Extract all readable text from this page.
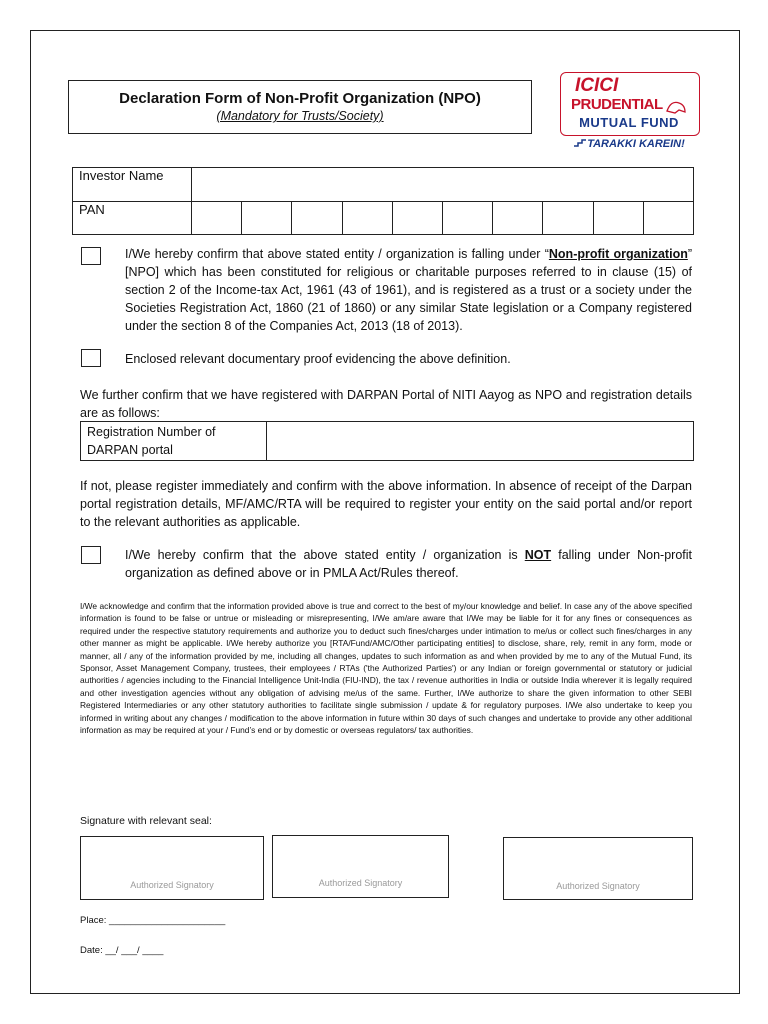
Declaration Form of Non-Profit Organization (NPO)
(Mandatory for Trusts/Society)
ICICI
PRUDENTIAL
MUTUAL FUND
TARAKKI KAREIN!
Investor Name										
PAN										
I/We hereby confirm that above stated entity / organization is falling under “Non-profit organization” [NPO] which has been constituted for religious or charitable purposes referred to in clause (15) of section 2 of the Income-tax Act, 1961 (43 of 1961), and is registered as a trust or a society under the Societies Registration Act, 1860 (21 of 1860) or any similar State legislation or a Company registered under the section 8 of the Companies Act, 2013 (18 of 2013).
Enclosed relevant documentary proof evidencing the above definition.
We further confirm that we have registered with DARPAN Portal of NITI Aayog as NPO and registration details are as follows:
Registration Number of DARPAN portal
If not, please register immediately and confirm with the above information. In absence of receipt of the Darpan portal registration details, MF/AMC/RTA will be required to register your entity on the said portal and/or report to the relevant authorities as applicable.
I/We hereby confirm that the above stated entity / organization is NOT falling under Non-profit organization as defined above or in PMLA Act/Rules thereof.
I/We acknowledge and confirm that the information provided above is true and correct to the best of my/our knowledge and belief. In case any of the above specified information is found to be false or untrue or misleading or misrepresenting, I/We am/are aware that I/We may be liable for it for any fines or consequences as required under the respective statutory requirements and authorize you to deduct such fines/charges under intimation to me/us or collect such fines/charges in any other manner as might be applicable. I/We hereby authorize you [RTA/Fund/AMC/Other participating entities] to disclose, share, rely, remit in any form, mode or manner, all / any of the information provided by me, including all changes, updates to such information as and when provided by me to any of the Mutual Fund, its Sponsor, Asset Management Company, trustees, their employees / RTAs ('the Authorized Parties') or any Indian or foreign governmental or statutory or judicial authorities / agencies including to the Financial Intelligence Unit-India (FIU-IND), the tax / revenue authorities in India or outside India wherever it is legally required and other investigation agencies without any obligation of advising me/us of the same. Further, I/We authorize to share the given information to other SEBI Registered Intermediaries or any other statutory authorities to facilitate single submission / update & for regulatory purposes. I/We also undertake to keep you informed in writing about any changes / modification to the above information in future within 30 days of such changes and undertake to provide any other additional information as may be required at your / Fund’s end or by domestic or overseas regulators/ tax authorities.
Signature with relevant seal:
Authorized Signatory	Authorized Signatory	Authorized Signatory
Place: ______________________
Date: __/ ___/ ____
